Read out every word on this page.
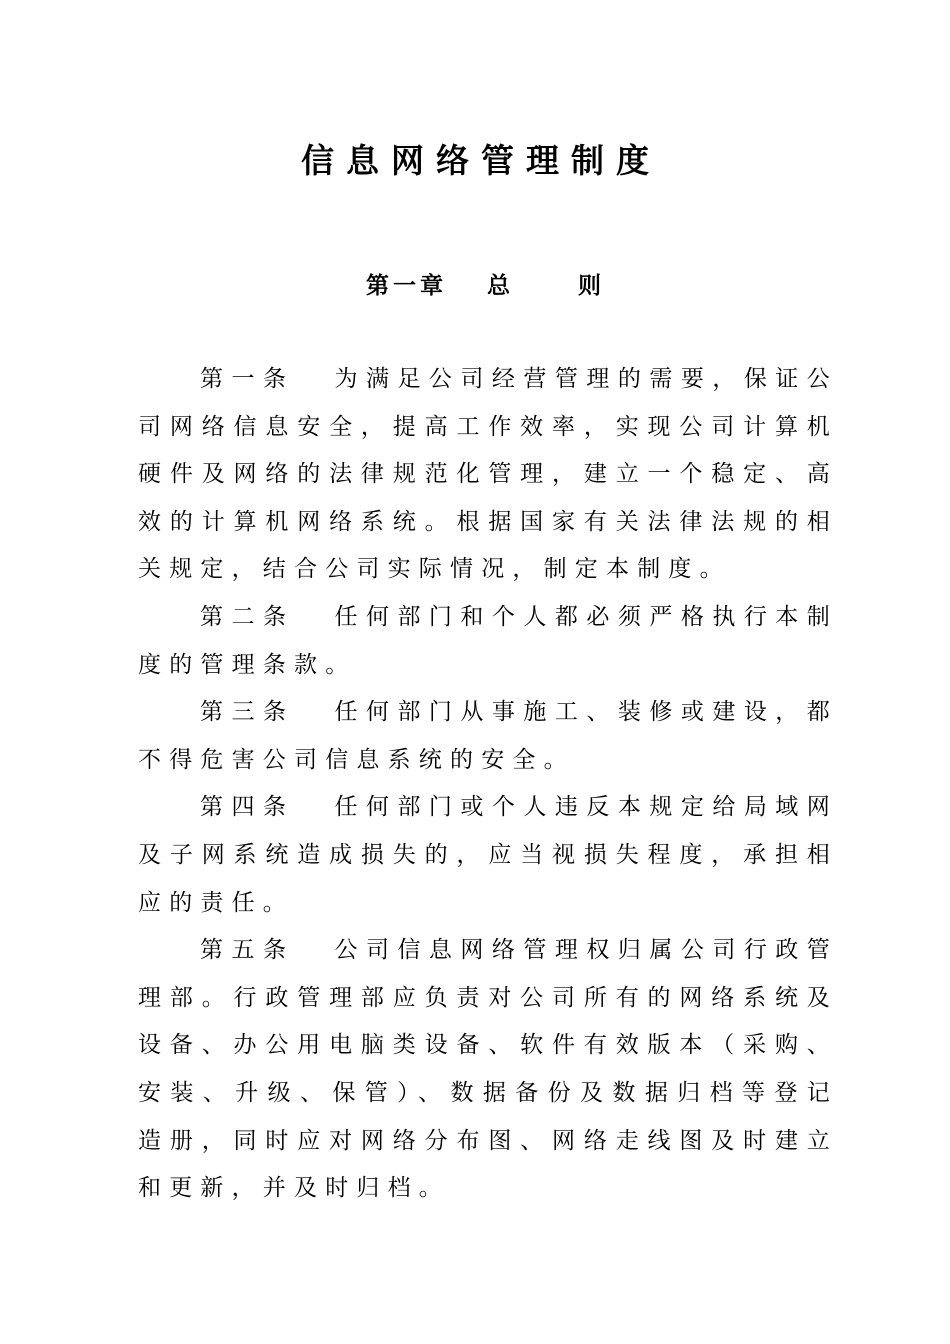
信息网络管理制度
第一章 总	则

第一条 为满足公司经营管理的需要，保证公司网络信息安全，提高工作效率，实现公司计算机硬件及网络的法律规范化管理，建立一个稳定、高效的计算机网络系统。根据国家有关法律法规的相关规定，结合公司实际情况，制定本制度。

第二条 任何部门和个人都必须严格执行本制度的管理条款。

第三条 任何部门从事施工、装修或建设，都不得危害公司信息系统的安全。

第四条 任何部门或个人违反本规定给局域网及子网系统造成损失的，应当视损失程度，承担相应的责任。

第五条 公司信息网络管理权归属公司行政管理部。行政管理部应负责对公司所有的网络系统及设备、办公用电脑类设备、软件有效版本（采购、安装、升级、保管）、数据备份及数据归档等登记造册，同时应对网络分布图、网络走线图及时建立和更新，并及时归档。
